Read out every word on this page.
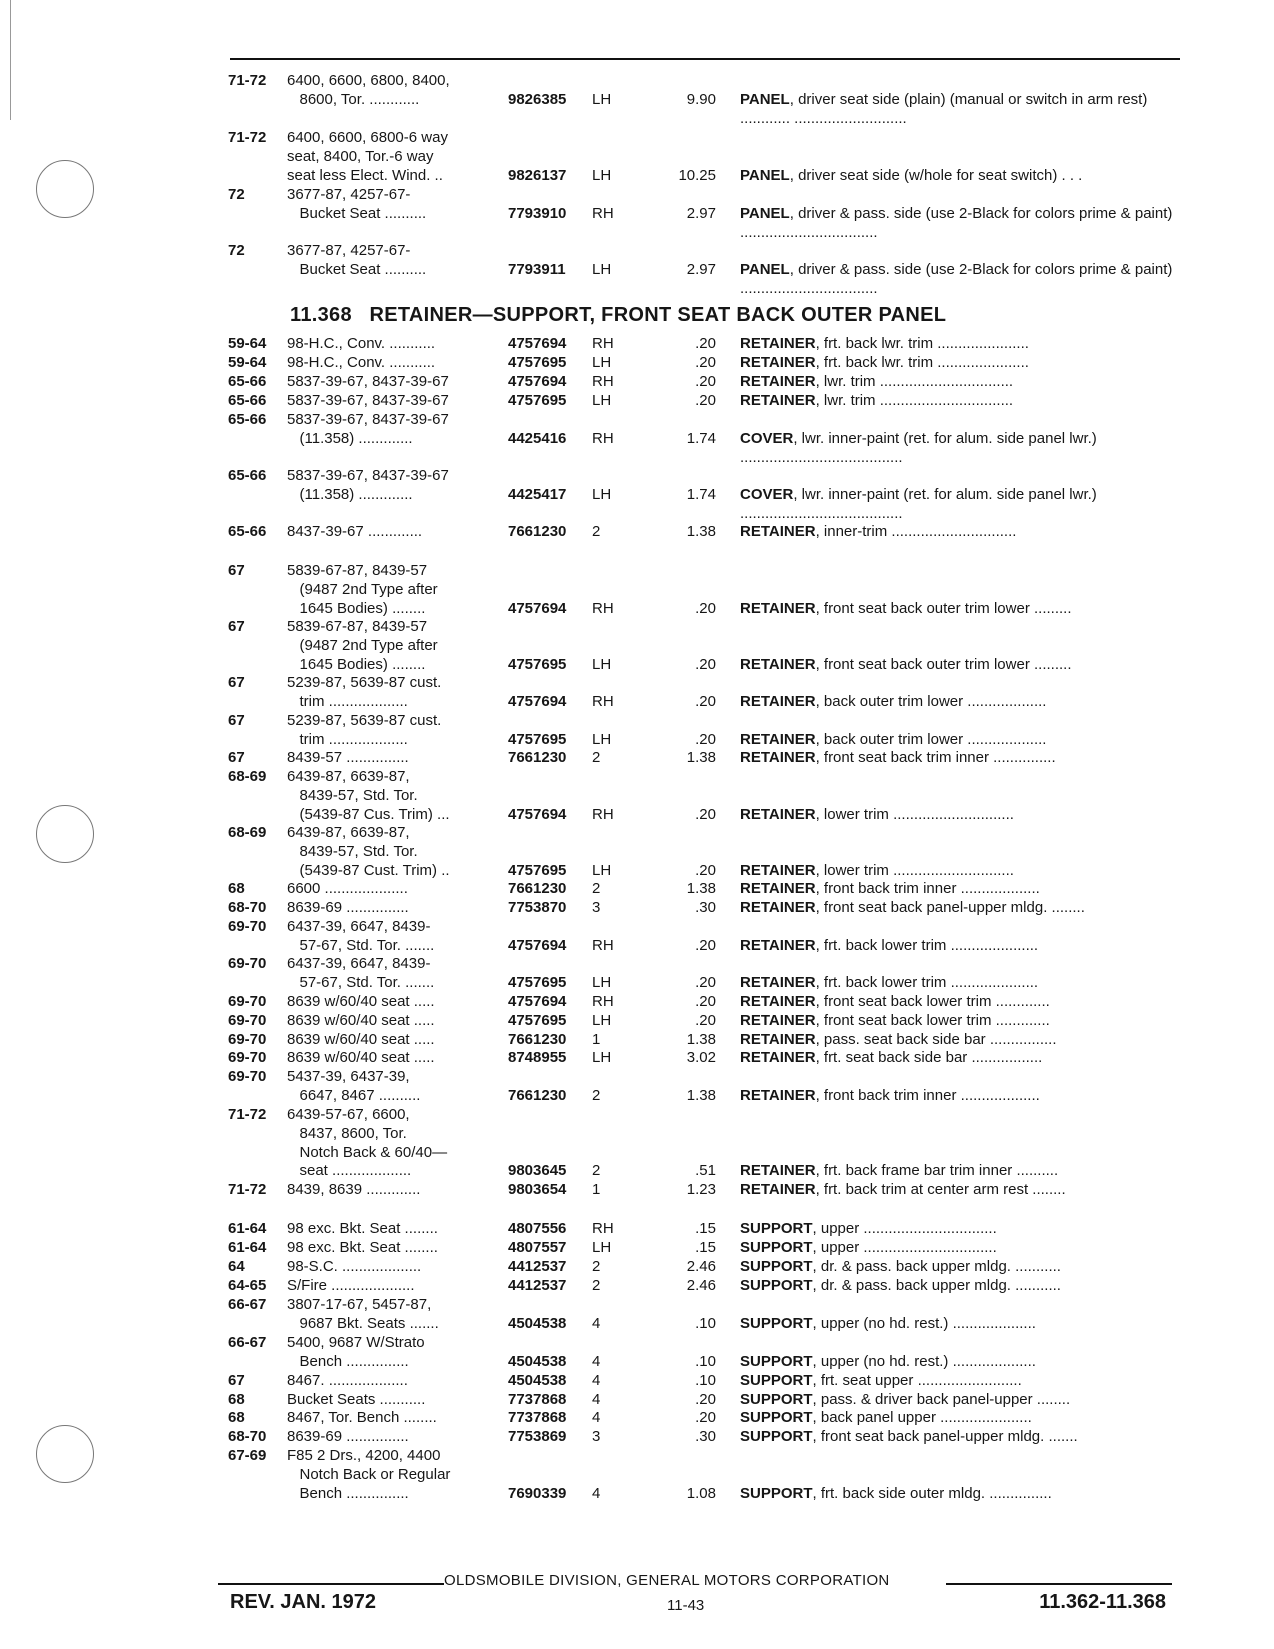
11.368 RETAINER—SUPPORT, FRONT SEAT BACK OUTER PANEL
71-72 6400, 6600, 6800, 8400,
8600, Tor. ............	9826385 LH	9.90 PANEL, driver seat side (plain) (manual or switch in arm rest) ............ ...........................
71-72 6400, 6600, 6800-6 way
seat, 8400, Tor.-6 way
seat less Elect. Wind. ..	9826137 LH	10.25 PANEL, driver seat side (w/hole for seat switch) . . .
72	3677-87, 4257-67-
Bucket Seat ..........	7793910 RH	2.97 PANEL, driver & pass. side (use 2-Black for colors prime & paint) .................................
72	3677-87, 4257-67-
Bucket Seat ..........	7793911 LH	2.97 PANEL, driver & pass. side (use 2-Black for colors prime & paint) .................................
59-64 98-H.C., Conv. ...........	4757694 RH	.20 RETAINER, frt. back lwr. trim ......................
59-64 98-H.C., Conv. ...........	4757695 LH	.20 RETAINER, frt. back lwr. trim ......................
65-66 5837-39-67, 8437-39-67	4757694 RH	.20 RETAINER, lwr. trim ................................
65-66 5837-39-67, 8437-39-67	4757695 LH	.20 RETAINER, lwr. trim ................................
65-66 5837-39-67, 8437-39-67
(11.358) .............	4425416 RH	1.74 COVER, lwr. inner-paint (ret. for alum. side panel lwr.) .......................................
65-66 5837-39-67, 8437-39-67
(11.358) .............	4425417 LH	1.74 COVER, lwr. inner-paint (ret. for alum. side panel lwr.) .......................................
65-66 8437-39-67 .............	7661230 2	1.38 RETAINER, inner-trim ..............................
67	5839-67-87, 8439-57
(9487 2nd Type after
1645 Bodies) ........	4757694 RH	.20 RETAINER, front seat back outer trim lower .........
67	5839-67-87, 8439-57
(9487 2nd Type after
1645 Bodies) ........	4757695 LH	.20 RETAINER, front seat back outer trim lower .........
67	5239-87, 5639-87 cust.
trim ...................	4757694 RH	.20 RETAINER, back outer trim lower ...................
67	5239-87, 5639-87 cust.
trim ...................	4757695 LH	.20 RETAINER, back outer trim lower ...................
67	8439-57 ...............	7661230 2	1.38 RETAINER, front seat back trim inner ...............
68-69 6439-87, 6639-87,
8439-57, Std. Tor.
(5439-87 Cus. Trim) ...	4757694 RH	.20 RETAINER, lower trim .............................
68-69 6439-87, 6639-87,
8439-57, Std. Tor.
(5439-87 Cust. Trim) ..	4757695 LH	.20 RETAINER, lower trim .............................
68	6600 ....................	7661230 2	1.38 RETAINER, front back trim inner ...................
68-70 8639-69 ...............	7753870 3	.30 RETAINER, front seat back panel-upper mldg. ........
69-70 6437-39, 6647, 8439-
57-67, Std. Tor. .......	4757694 RH	.20 RETAINER, frt. back lower trim .....................
69-70 6437-39, 6647, 8439-
57-67, Std. Tor. .......	4757695 LH	.20 RETAINER, frt. back lower trim .....................
69-70 8639 w/60/40 seat .....	4757694 RH	.20 RETAINER, front seat back lower trim .............
69-70 8639 w/60/40 seat .....	4757695 LH	.20 RETAINER, front seat back lower trim .............
69-70 8639 w/60/40 seat .....	7661230 1	1.38 RETAINER, pass. seat back side bar ................
69-70 8639 w/60/40 seat .....	8748955 LH	3.02 RETAINER, frt. seat back side bar .................
69-70 5437-39, 6437-39,
6647, 8467 ..........	7661230 2	1.38 RETAINER, front back trim inner ...................
71-72 6439-57-67, 6600,
8437, 8600, Tor.
Notch Back & 60/40—
seat ...................	9803645 2	.51 RETAINER, frt. back frame bar trim inner ..........
71-72 8439, 8639 .............	9803654 1	1.23 RETAINER, frt. back trim at center arm rest ........
61-64 98 exc. Bkt. Seat ........	4807556 RH	.15 SUPPORT, upper ................................
61-64 98 exc. Bkt. Seat ........	4807557 LH	.15 SUPPORT, upper ................................
64	98-S.C. ...................	4412537 2	2.46 SUPPORT, dr. & pass. back upper mldg. ...........
64-65 S/Fire ....................	4412537 2	2.46 SUPPORT, dr. & pass. back upper mldg. ...........
66-67 3807-17-67, 5457-87,
9687 Bkt. Seats .......	4504538 4	.10 SUPPORT, upper (no hd. rest.) ....................
66-67 5400, 9687 W/Strato
Bench ...............	4504538 4	.10 SUPPORT, upper (no hd. rest.) ....................
67	8467. ...................	4504538 4	.10 SUPPORT, frt. seat upper .........................
68	Bucket Seats ...........	7737868 4	.20 SUPPORT, pass. & driver back panel-upper ........
68	8467, Tor. Bench ........	7737868 4	.20 SUPPORT, back panel upper ......................
68-70 8639-69 ...............	7753869 3	.30 SUPPORT, front seat back panel-upper mldg. .......
67-69 F85 2 Drs., 4200, 4400
Notch Back or Regular
Bench ...............	7690339 4	1.08 SUPPORT, frt. back side outer mldg. ...............
OLDSMOBILE DIVISION, GENERAL MOTORS CORPORATION
REV. JAN. 1972	11-43	11.362-11.368
